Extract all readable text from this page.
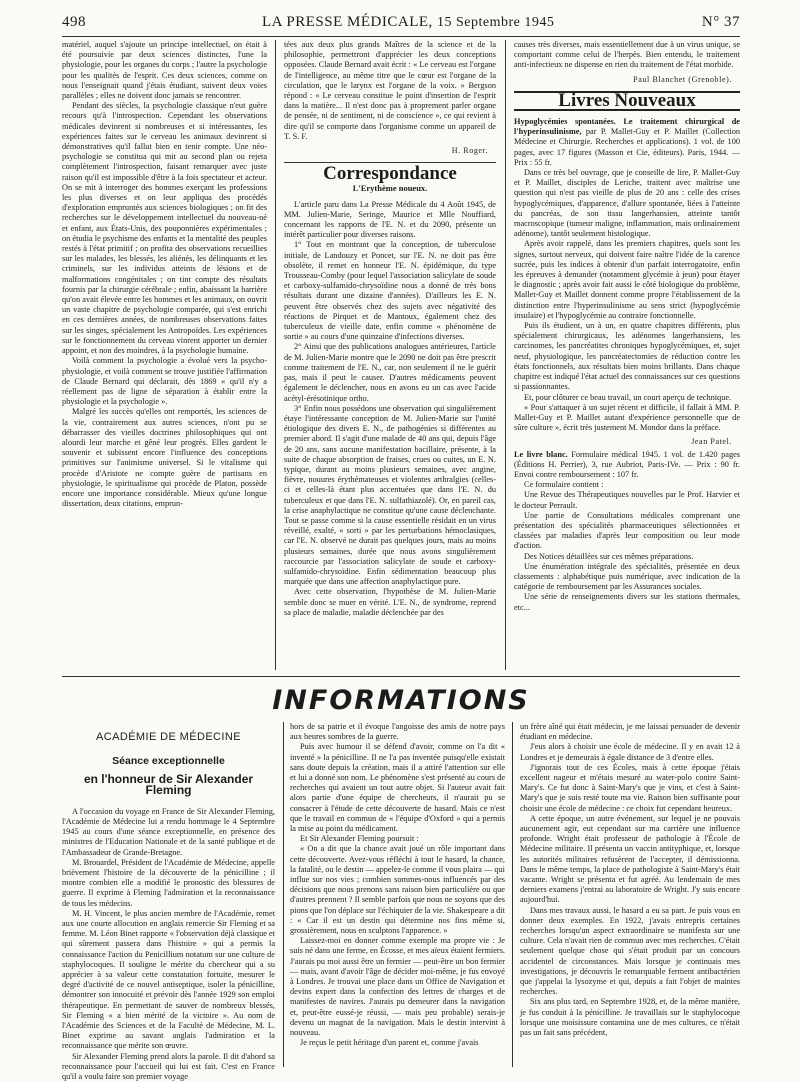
498	LA PRESSE MÉDICALE, 15 Septembre 1945	N° 37

matériel, auquel s'ajoute un principe intellectuel, on était à été poursuivie par deux sciences distinctes, l'une la physiologie, pour les organes du corps ; l'autre la psychologie pour les qualités de l'esprit. Ces deux sciences, comme on nous l'enseignait quand j'étais étudiant, suivent deux voies parallèles ; elles ne doivent donc jamais se rencontrer.

Pendant des siècles, la psychologie classique n'eut guère recours qu'à l'introspection. Cependant les observations médicales devinrent si nombreuses et si intéressantes, les expériences faites sur le cerveau les animaux devinrent si démonstratives qu'il fallut bien en tenir compte. Une néo-psychologie se constitua qui mit au second plan ou rejeta complètement l'introspection, faisant remarquer avec juste raison qu'il est impossible d'être à la fois spectateur et acteur. On se mit à interroger des hommes exerçant les professions les plus diverses et on leur appliqua des procédés d'exploration empruntés aux sciences biologiques ; on fit des recherches sur le développement intellectuel du nouveau-né et enfant, aux États-Unis, des pouponnières expérimentales ; on étudia le psychisme des enfants et la mentalité des peuples restés à l'état primitif ; on profita des observations recueillies sur les malades, les blessés, les aliénés, les délinquants et les criminels, sur les individus atteints de lésions et de malformations congénitales ; on tint compte des résultats fournis par la chirurgie cérébrale ; enfin, abaissant la barrière qu'on avait élevée entre les hommes et les animaux, on ouvrit un vaste chapitre de psychologie comparée, qui s'est enrichi en ces dernières années, de nombreuses observations faites sur les singes, spécialement les Antropoïdes. Les expériences sur le fonctionnement du cerveau vinrent apporter un dernier appoint, et non des moindres, à la psychologie humaine.

Voilà comment la psychologie a évolué vers la psycho-physiologie, et voilà comment se trouve justifiée l'affirmation de Claude Bernard qui déclarait, dès 1869 « qu'il n'y a réellement pas de ligne de séparation à établir entre la physiologie et la psychologie ».

Malgré les succès qu'elles ont remportés, les sciences de la vie, contrairement aux autres sciences, n'ont pu se débarrasser des vieilles doctrines philosophiques qui ont alourdi leur marche et gêné leur progrès. Elles gardent le souvenir et subissent encore l'influence des conceptions primitives sur l'animisme universel. Si le vitalisme qui procède d'Aristote ne compte guère de partisans en physiologie, le spiritualisme qui procède de Platon, possède encore une importance considérable. Mieux qu'une longue dissertation, deux citations, emprun-

tées aux deux plus grands Maîtres de la science et de la philosophie, permettront d'apprécier les deux conceptions opposées. Claude Bernard avait écrit : « Le cerveau est l'organe de l'intelligence, au même titre que le cœur est l'organe de la circulation, que le larynx est l'organe de la voix. » Bergson répond : « Le cerveau constitue le point d'insertion de l'esprit dans la matière... Il n'est donc pas à proprement parler organe de pensée, ni de sentiment, ni de conscience », ce qui revient à dire qu'il se comporte dans l'organisme comme un appareil de T. S. F.

H. Roger.

Correspondance
L'Erythème noueux.

L'article paru dans La Presse Médicale du 4 Août 1945, de MM. Julien-Marie, Seringe, Maurice et Mlle Nouffiard, concernant les rapports de l'E. N. et du 2090, présente un intérêt particulier pour diverses raisons.

1° Tout en montrant que la conception, de tuberculose initiale, de Landouzy et Poncet, sur l'E. N. ne doit pas être obsolète, il remet en honneur l'E. N. épidémique, du type Trousseau-Comby (pour lequel l'association salicylate de soude et carboxy-sulfamido-chrysoïdine nous a donné de très bons résultats durant une dizaine d'années). D'ailleurs les E. N. peuvent être observés chez des sujets avec négativité des réactions de Pirquet et de Mantoux, également chez des tuberculeux de vieille date, enfin comme « phénomène de sortie » au cours d'une quinzaine d'infections diverses.

2° Ainsi que des publications analogues antérieures, l'article de M. Julien-Marie montre que le 2090 ne doit pas être prescrit comme traitement de l'E. N., car, non seulement il ne le guérit pas, mais il peut le causer. D'autres médicaments peuvent également le déclencher, nous en avons eu un cas avec l'acide acétyl-érésotinique ortho.

3° Enfin nous possédons une observation qui singulièrement étaye l'intéressante conception de M. Julien-Marie sur l'unité étiologique des divers E. N., de pathogénies si différentes au premier abord. Il s'agit d'une malade de 40 ans qui, depuis l'âge de 20 ans, sans aucune manifestation bacillaire, présente, à la suite de chaque absorption de fraises, crues ou cuites, un E. N. typique, durant au moins plusieurs semaines, avec angine, fièvre, nouures érythémateuses et violentes arthralgies (celles-ci et celles-là étant plus accentuées que dans l'E. N. du tuberculeux et que dans l'E. N. sulfathiazolé). Or, en pareil cas, la crise anaphylactique ne constitue qu'une cause déclenchante. Tout se passe comme si la cause essentielle résidait en un virus réveillé, exalté, « sorti » par les perturbations hémoclasiques, car l'E. N. observé ne durait pas quelques jours, mais au moins plusieurs semaines, durée que nous avons singulièrement raccourcie par l'association salicylate de soude et carboxy-sulfamido-chrysoïdine. Enfin sédimentation beaucoup plus marquée que dans une affection anaphylactique pure.

Avec cette observation, l'hypothèse de M. Julien-Marie semble donc se muer en vérité. L'E. N., de syndrome, reprend sa place de maladie, maladie déclenchée par des

causes très diverses, mais essentiellement due à un virus unique, se comportant comme celui de l'herpès. Bien entendu, le traitement anti-infectieux ne dispense en rien du traitement de l'état morbide.

Paul Blanchet (Grenoble).

Livres Nouveaux

Hypoglycémies spontanées. Le traitement chirurgical de l'hyperinsulinisme, par P. Mallet-Guy et P. Maillet (Collection Médecine et Chirurgie. Recherches et applications). 1 vol. de 100 pages, avec 17 figures (Masson et Cie, éditeurs). Paris, 1944. — Prix : 55 fr.

Dans ce très bel ouvrage, que je conseille de lire, P. Mallet-Guy et P. Maillet, disciples de Leriche, traitent avec maîtrise une question qui n'est pas vieille de plus de 20 ans : celle des crises hypoglycémiques, d'apparence, d'allure spontanée, liées à l'atteinte du pancréas, de son tissu langerhansien, atteinte tantôt macroscopique (tumeur maligne, inflammation, mais ordinairement adénome), tantôt seulement histologique.

Après avoir rappelé, dans les premiers chapitres, quels sont les signes, surtout nerveux, qui doivent faire naître l'idée de la carence sucrée, puis les indices à obtenir d'un parfait interrogatoire, enfin les épreuves à demander (notamment glycémie à jeun) pour étayer le diagnostic ; après avoir fait aussi le côté biologique du problème, Mallet-Guy et Maillet donnent comme propre l'établissement de la distinction entre l'hyperinsulinisme au sens strict (hypoglycémie insulaire) et l'hypoglycémie au contraire fonctionnelle.

Puis ils étudient, un à un, en quatre chapitres différents, plus spécialement chirurgicaux, les adénomes langerhansiens, les carcinomes, les pancréatites chroniques hypoglycémiques, et, sujet neuf, physiologique, les pancréatectomies de réduction contre les états fonctionnels, aux résultats bien moins brillants. Dans chaque chapitre est indiqué l'état actuel des connaissances sur ces questions si passionnantes.

Et, pour clôturer ce beau travail, un court aperçu de technique.

« Pour s'attaquer à un sujet récent et difficile, il fallait à MM. P. Mallet-Guy et P. Maillet autant d'expérience personnelle que de sûre culture », écrit très justement M. Mondor dans la préface.

Jean Patel.

Le livre blanc. Formulaire médical 1945. 1 vol. de 1.420 pages (Éditions H. Perrier), 3, rue Aubriot, Paris-IVe. — Prix : 90 fr. Envoi contre remboursement : 107 fr.

Ce formulaire contient :

Une Revue des Thérapeutiques nouvelles par le Prof. Harvier et le docteur Perrault.

Une partie de Consultations médicales comprenant une présentation des spécialités pharmaceutiques sélectionnées et classées par maladies d'après leur composition ou leur mode d'action.

Des Notices détaillées sur ces mêmes préparations.

Une énumération intégrale des spécialités, présentée en deux classements : alphabétique puis numérique, avec indication de la catégorie de remboursement par les Assurances sociales.

Une série de renseignements divers sur les stations thermales, etc...

INFORMATIONS
ACADÉMIE DE MÉDECINE
Séance exceptionnelle
en l'honneur de Sir Alexander Fleming

A l'occasion du voyage en France de Sir Alexander Fleming, l'Académie de Médecine lui a rendu hommage le 4 Septembre 1945 au cours d'une séance exceptionnelle, en présence des ministres de l'Education Nationale et de la santé publique et de l'Ambassadeur de Grande-Bretagne.

M. Brouardel, Président de l'Académie de Médecine, appelle brièvement l'histoire de la découverte de la pénicilline ; il montre combien elle a modifié le pronostic des blessures de guerre. Il exprime à Fleming l'admiration et la reconnaissance de tous les médecins.

M. H. Vincent, le plus ancien membre de l'Académie, remet aux une courte allocution en anglais remercie Sir Fleming et sa femme. M. Léon Binet rapporte « l'observation déjà classique et qui sûrement passera dans l'histoire » qui a permis la connaissance l'action du Penicillium notatum sur une culture de staphylocoques. Il souligne le mérite du chercheur qui a su apprécier à sa valeur cette constatation fortuite, mesurer le degré d'activité de ce nouvel antiseptique, isoler la pénicilline, démontrer son innocuité et prévoir dès l'année 1929 son emploi thérapeutique. En permettant de sauver de nombreux blessés, Sir Fleming « a bien mérité de la victoire ». Au nom de l'Académie des Sciences et de la Faculté de Médecine, M. L. Binet exprime au savant anglais l'admiration et la reconnaissance que mérite son œuvre.

Sir Alexander Fleming prend alors la parole. Il dit d'abord sa reconnaissance pour l'accueil qui lui est fait. C'est en France qu'il a voulu faire son premier voyage

hors de sa patrie et il évoque l'angoisse des amis de notre pays aux heures sombres de la guerre.

Puis avec humour il se défend d'avoir, comme on l'a dit « inventé » la pénicilline. Il ne l'a pas inventée puisqu'elle existait sans doute depuis la création, mais il a attiré l'attention sur elle et lui a donné son nom. Le phénomène s'est présenté au cours de recherches qui avaient un tout autre objet. Si l'auteur avait fait alors partie d'une équipe de chercheurs, il n'aurait pu se consacrer à l'étude de cette découverte de hasard. Mais ce n'est que le travail en commun de « l'équipe d'Oxford » qui a permis la mise au point du médicament.

Et Sir Alexander Fleming poursuit :

« On a dit que la chance avait joué un rôle important dans cette découverte. Avez-vous réfléchi à tout le hasard, la chance, la fatalité, ou le destin — appelez-le comme il vous plaira — qui influe sur nos vies ; combien sommes-nous influencés par des décisions que nous prenons sans raison bien particulière ou que d'autres prennent ? Il semble parfois que nous ne soyons que des pions que l'on déplace sur l'échiquier de la vie. Shakespeare a dit : « Car il est un destin qui détermine nos fins même si, grossièrement, nous en sculptons l'apparence. »

Laissez-moi en donner comme exemple ma propre vie : Je suis né dans une ferme, en Écosse, et mes aïeux étaient fermiers. J'aurais pu moi aussi être un fermier — peut-être un bon fermier — mais, avant d'avoir l'âge de décider moi-même, je fus envoyé à Londres. Je trouvai une place dans un Office de Navigation et devins expert dans la confection des lettres de charges et de manifestes de navires. J'aurais pu demeurer dans la navigation et, peut-être eussé-je réussi, — mais peu probable) serais-je devenu un magnat de la navigation. Mais le destin intervint à nouveau.

Je reçus le petit héritage d'un parent et, comme j'avais

un frère aîné qui était médecin, je me laissai persuader de devenir étudiant en médecine.

J'eus alors à choisir une école de médecine. Il y en avait 12 à Londres et je demeurais à égale distance de 3 d'entre elles.

J'ignorais tout de ces Écoles, mais à cette époque j'étais excellent nageur et m'étais mesuré au water-polo contre Saint-Mary's. Ce fut donc à Saint-Mary's que je vins, et c'est à Saint-Mary's que je suis resté toute ma vie. Raison bien suffisante pour choisir une école de médecine : ce choix fut cependant heureux.

A cette époque, un autre événement, sur lequel je ne pouvais aucunement agir, eut cependant sur ma carrière une influence profonde. Wright était professeur de pathologie à l'École de Médecine militaire. Il présenta un vaccin antityphique, et, lorsque les autorités militaires refusèrent de l'accepter, il démissionna. Dans le même temps, la place de pathologiste à Saint-Mary's était vacante. Wright se présenta et fut agréé. Au lendemain de mes derniers examens j'entrai au laboratoire de Wright. J'y suis encore aujourd'hui.

Dans mes travaux aussi, le hasard a eu sa part. Je puis vous en donner deux exemples. En 1922, j'avais entrepris certaines recherches lorsqu'un aspect extraordinaire se manifesta sur une culture. Cela n'avait rien de commun avec mes recherches. C'était seulement quelque chose qui s'était produit par un concours accidentel de circonstances. Mais lorsque je continuais mes investigations, je découvris le remarquable ferment antibactérien que j'appelai la lysozyme et qui, depuis a fait l'objet de maintes recherches.

Six ans plus tard, en Septembre 1928, et, de la même manière, je fus conduit à la pénicilline. Je travaillais sur le staphylocoque lorsque une moisissure contamina une de mes cultures, ce n'était pas un fait sans précédent,
